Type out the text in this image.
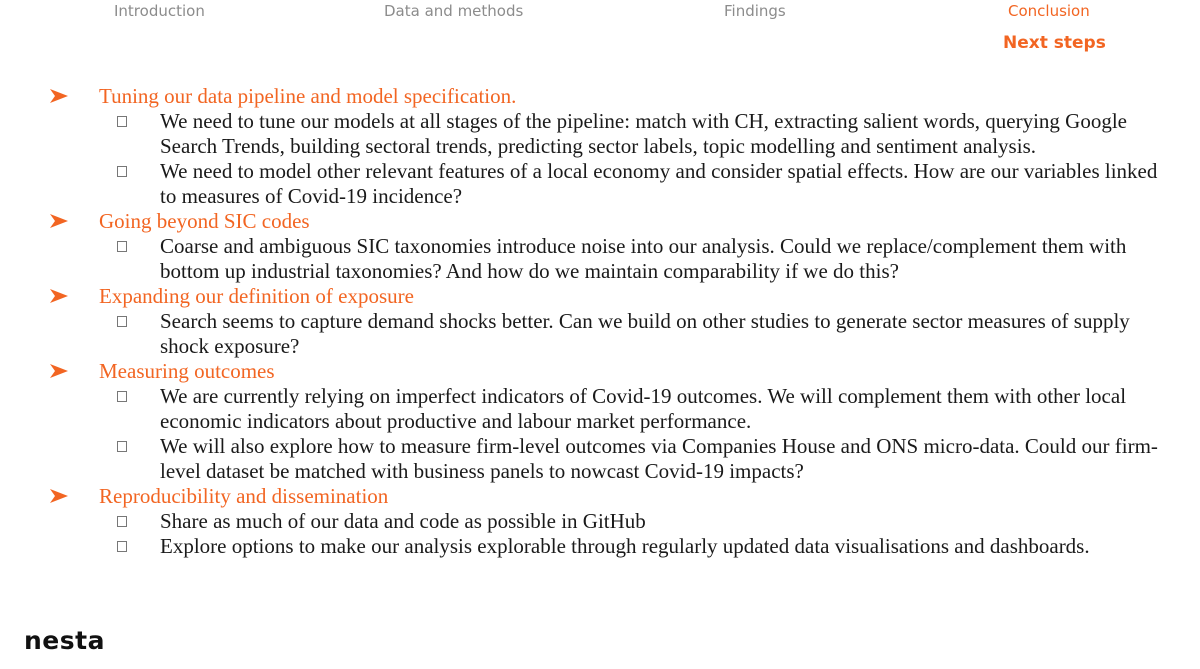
Introduction	Data and methods	Findings	Conclusion
Next steps
Tuning our data pipeline and model specification.
We need to tune our models at all stages of the pipeline: match with CH, extracting salient words, querying Google Search Trends, building sectoral trends, predicting sector labels, topic modelling and sentiment analysis.
We need to model other relevant features of a local economy and consider spatial effects. How are our variables linked to measures of Covid-19 incidence?
Going beyond SIC codes
Coarse and ambiguous SIC taxonomies introduce noise into our analysis. Could we replace/complement them with bottom up industrial taxonomies? And how do we maintain comparability if we do this?
Expanding our definition of exposure
Search seems to capture demand shocks better. Can we build on other studies to generate sector measures of supply shock exposure?
Measuring outcomes
We are currently relying on imperfect indicators of Covid-19 outcomes. We will complement them with other local economic indicators about productive and labour market performance.
We will also explore how to measure firm-level outcomes via Companies House and ONS micro-data. Could our firm-level dataset be matched with business panels to nowcast Covid-19 impacts?
Reproducibility and dissemination
Share as much of our data and code as possible in GitHub
Explore options to make our analysis explorable through regularly updated data visualisations and dashboards.
nesta
